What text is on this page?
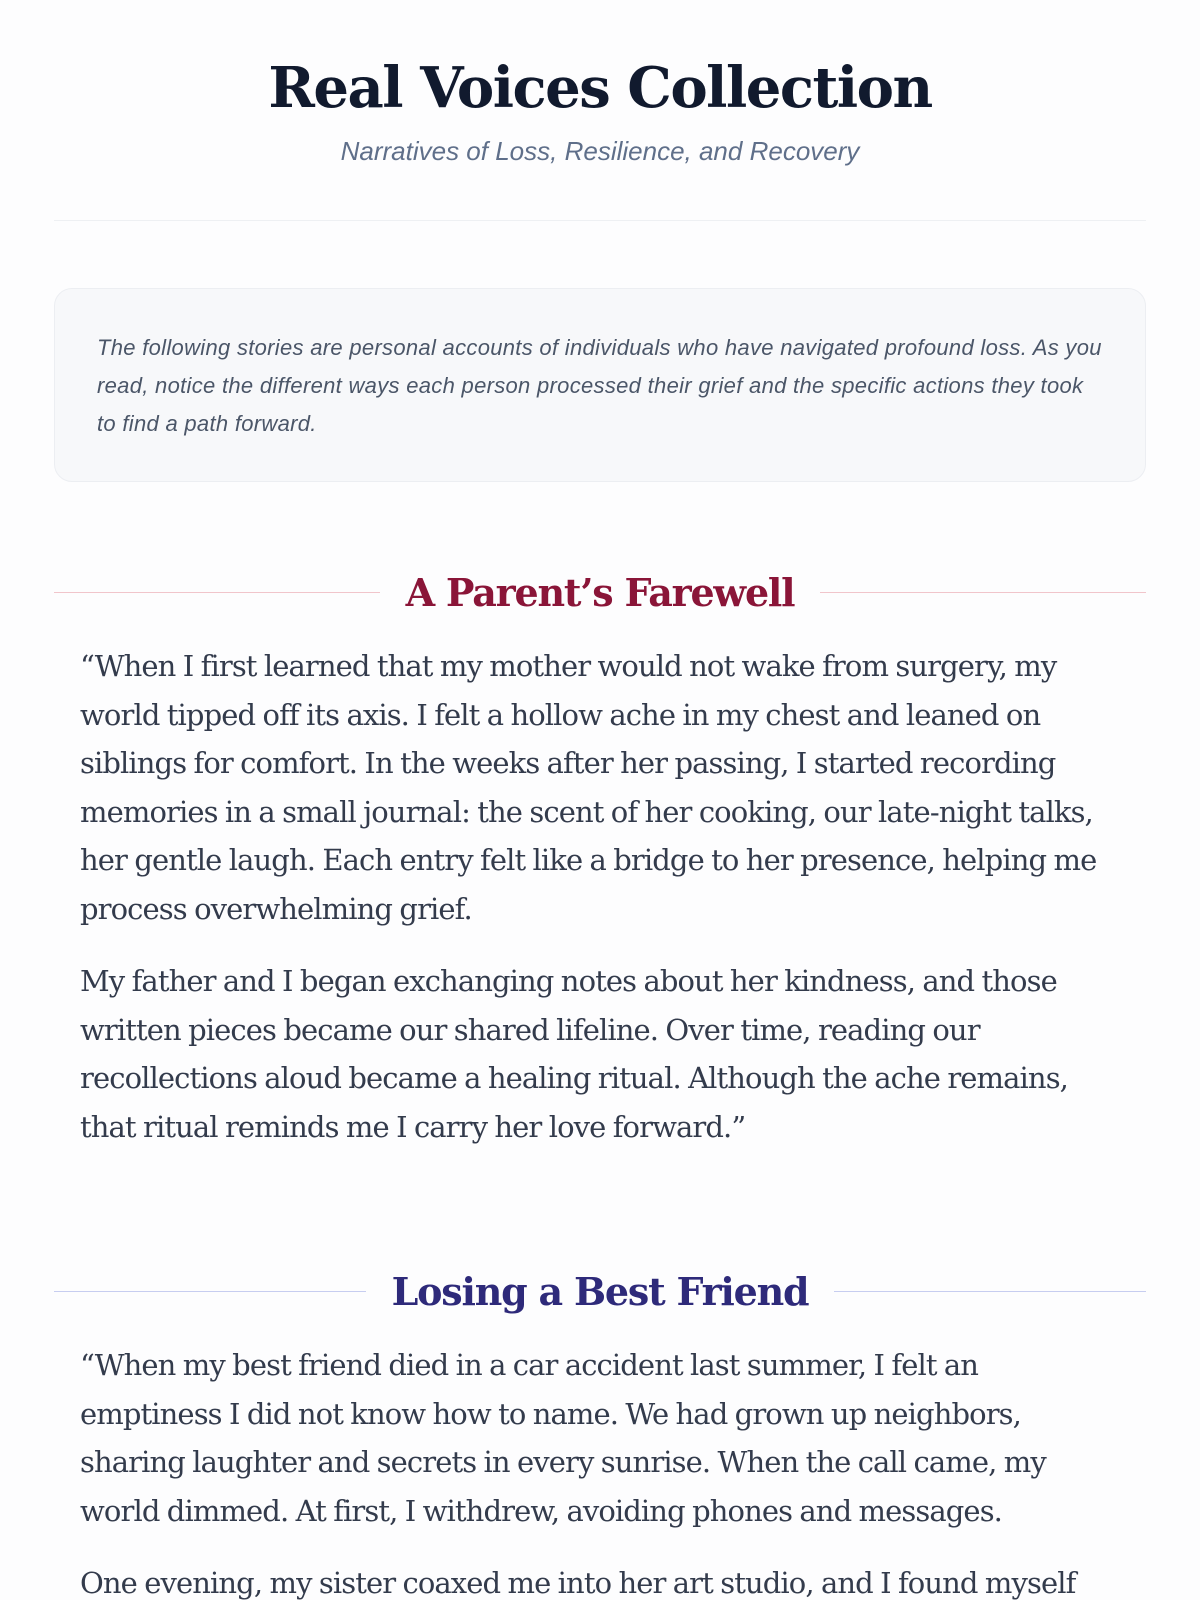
Real Voices Collection
Narratives of Loss, Resilience, and Recovery

The following stories are personal accounts of individuals who have navigated profound loss. As you read, notice the different ways each person processed their grief and the specific actions they took to find a path forward.

A Parent’s Farewell

“When I first learned that my mother would not wake from surgery, my world tipped off its axis. I felt a hollow ache in my chest and leaned on siblings for comfort. In the weeks after her passing, I started recording memories in a small journal: the scent of her cooking, our late-night talks, her gentle laugh. Each entry felt like a bridge to her presence, helping me process overwhelming grief.

My father and I began exchanging notes about her kindness, and those written pieces became our shared lifeline. Over time, reading our recollections aloud became a healing ritual. Although the ache remains, that ritual reminds me I carry her love forward.”

Losing a Best Friend

“When my best friend died in a car accident last summer, I felt an emptiness I did not know how to name. We had grown up neighbors, sharing laughter and secrets in every sunrise. When the call came, my world dimmed. At first, I withdrew, avoiding phones and messages.

One evening, my sister coaxed me into her art studio, and I found myself
